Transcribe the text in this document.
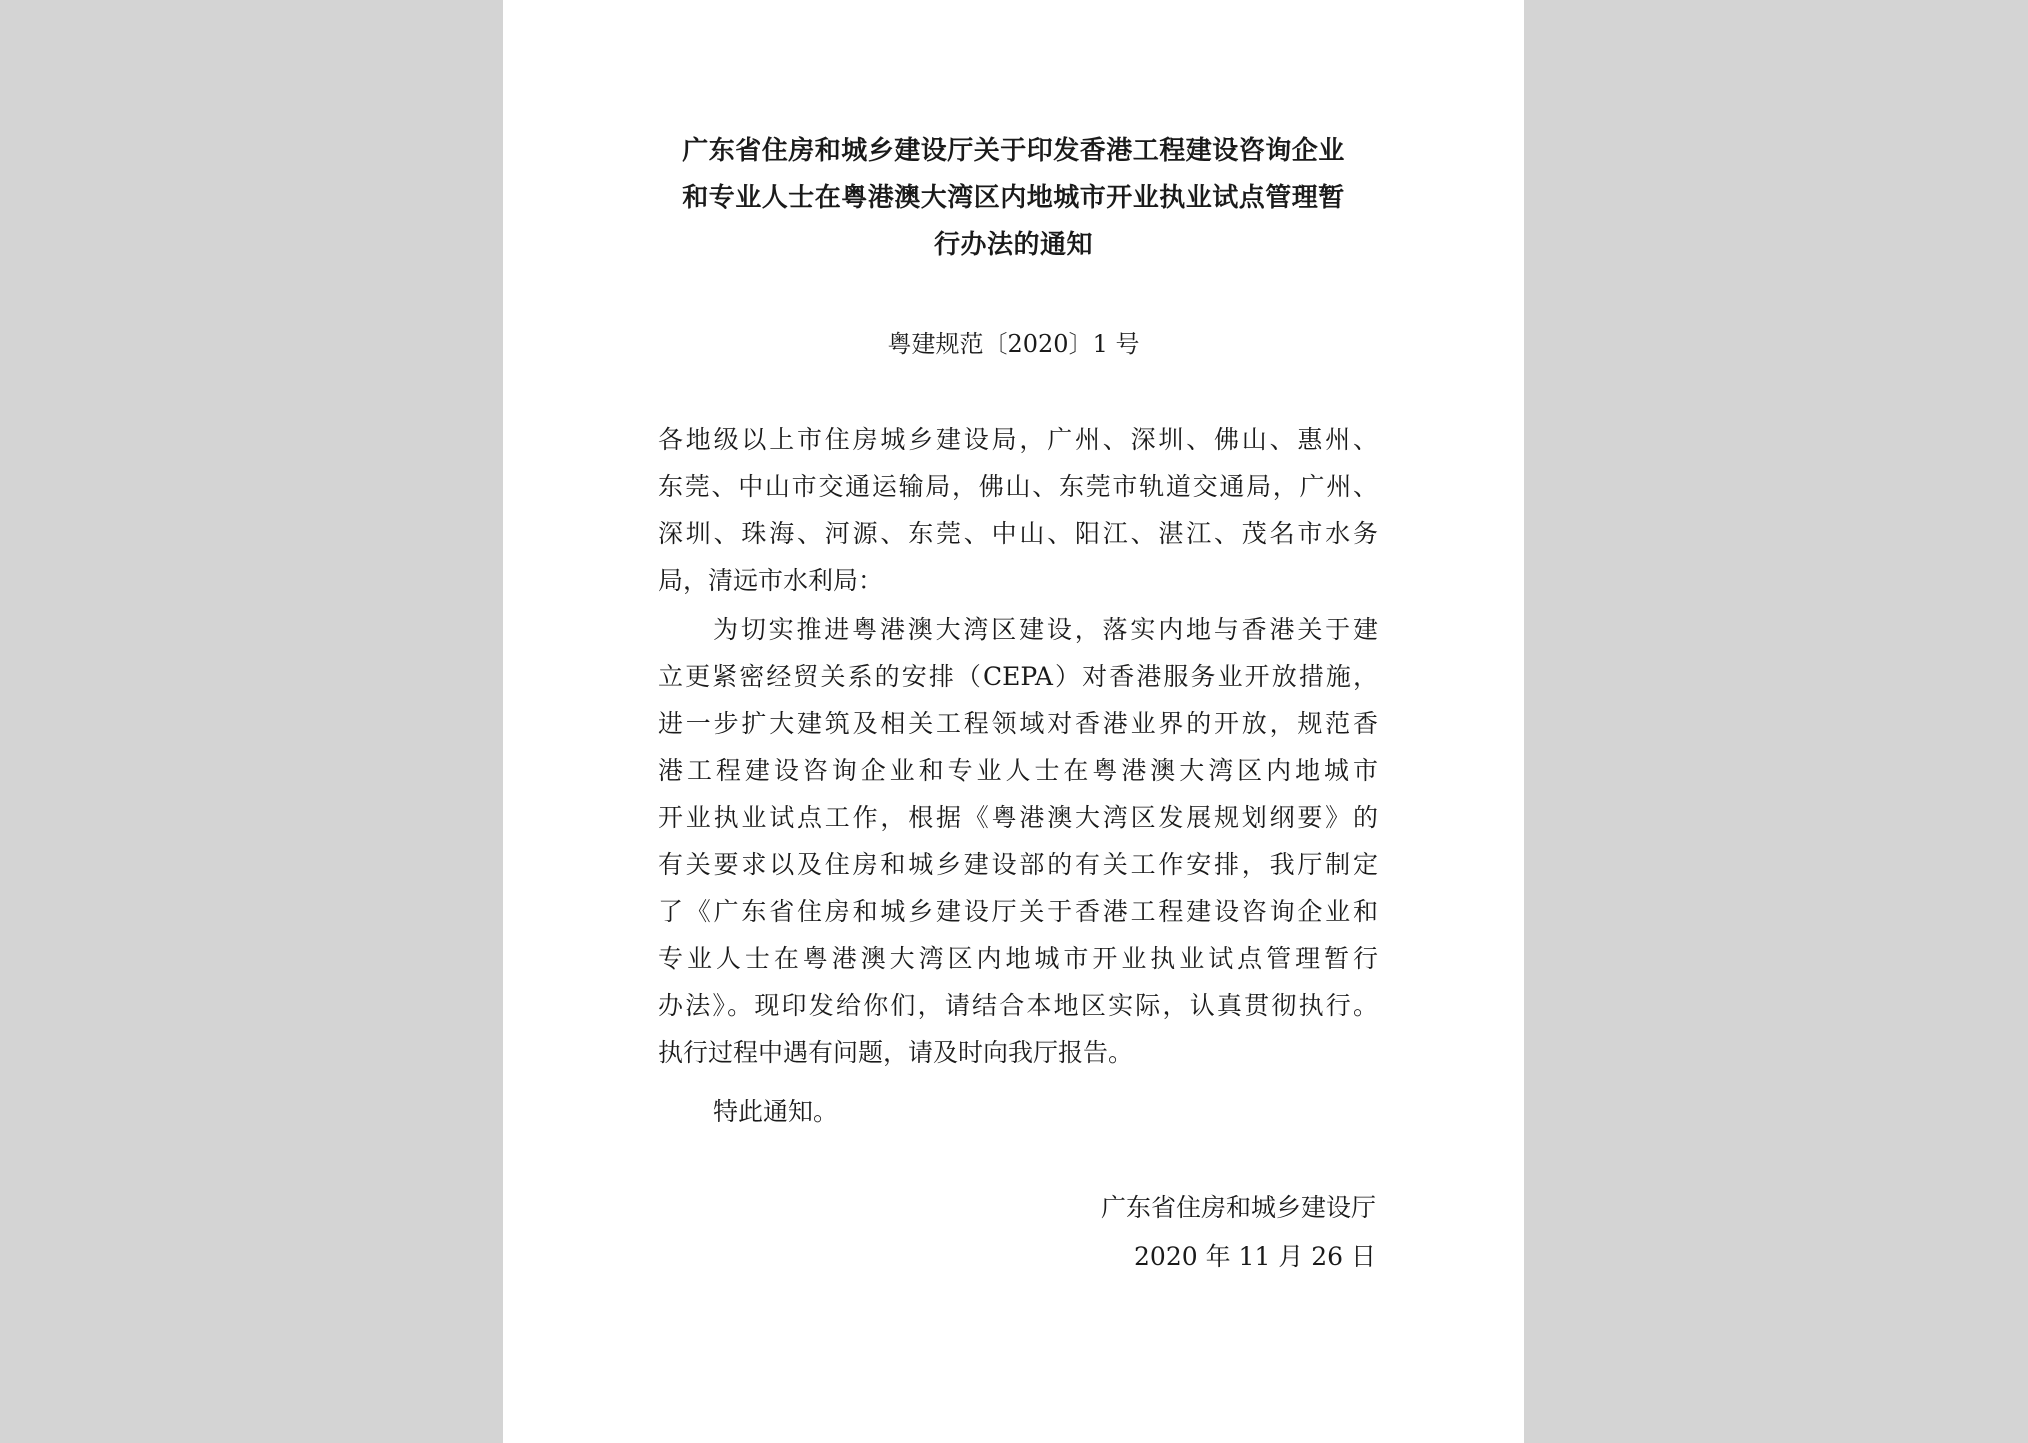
广东省住房和城乡建设厅关于印发香港工程建设咨询企业
和专业人士在粤港澳大湾区内地城市开业执业试点管理暂
行办法的通知
粤建规范〔2020〕1 号
各地级以上市住房城乡建设局，广州、深圳、佛山、惠州、
东莞、中山市交通运输局，佛山、东莞市轨道交通局，广州、
深圳、珠海、河源、东莞、中山、阳江、湛江、茂名市水务
局，清远市水利局：
为切实推进粤港澳大湾区建设，落实内地与香港关于建
立更紧密经贸关系的安排（CEPA）对香港服务业开放措施，
进一步扩大建筑及相关工程领域对香港业界的开放，规范香
港工程建设咨询企业和专业人士在粤港澳大湾区内地城市
开业执业试点工作，根据《粤港澳大湾区发展规划纲要》的
有关要求以及住房和城乡建设部的有关工作安排，我厅制定
了《广东省住房和城乡建设厅关于香港工程建设咨询企业和
专业人士在粤港澳大湾区内地城市开业执业试点管理暂行
办法》。现印发给你们，请结合本地区实际，认真贯彻执行。
执行过程中遇有问题，请及时向我厅报告。
特此通知。
广东省住房和城乡建设厅
2020 年 11 月 26 日
